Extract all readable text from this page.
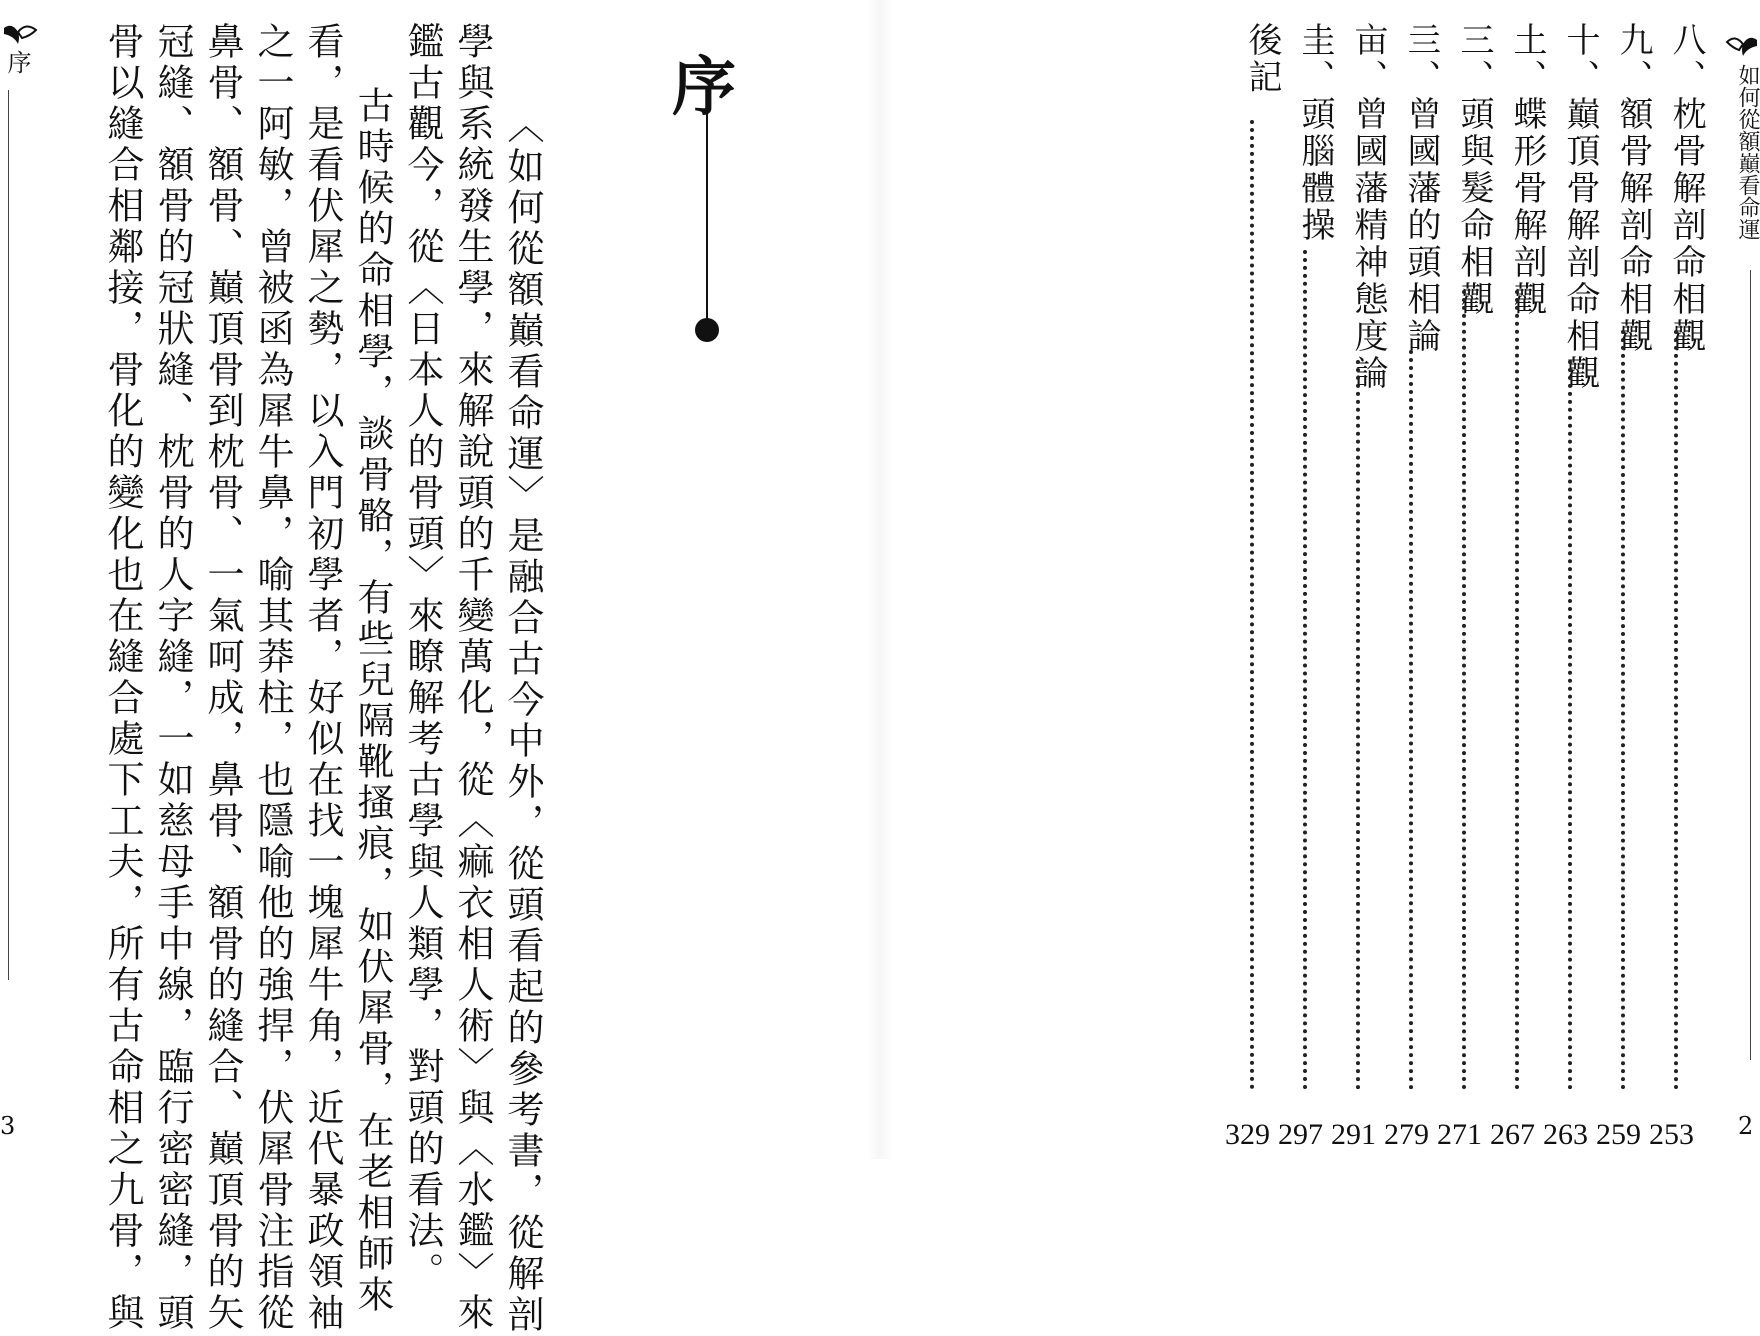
序
3	〈如何從額巔看命運〉是融合古今中外，從頭看起的參考書，從解剖
學與系統發生學，來解說頭的千變萬化，從〈痲衣相人術〉與〈水鑑〉來
鑑古觀今，從〈日本人的骨頭〉來瞭解考古學與人類學，對頭的看法。
古時候的命相學，談骨骼，有些兒隔靴搔痕，如伏犀骨，在老相師來
看，是看伏犀之勢，以入門初學者，好似在找一塊犀牛角，近代暴政領袖
之一阿敏，曾被函為犀牛鼻，喻其莽柱，也隱喻他的強捍，伏犀骨注指從
鼻骨、額骨、巔頂骨到枕骨、一氣呵成，鼻骨、額骨的縫合、巔頂骨的矢
冠縫、額骨的冠狀縫、枕骨的人字縫，一如慈母手中線，臨行密密縫，頭
骨以縫合相鄰接，骨化的變化也在縫合處下工夫，所有古命相之九骨，與	序	八、枕骨解剖命相觀
253
九、額骨解剖命相觀
259
十、巔頂骨解剖命相觀
263
土、蝶形骨解剖觀
267
三、頭與髮命相觀
271
亖、曾國藩的頭相論
279
亩、曾國藩精神態度論
291
圭、頭腦體操
297
後記
329
如何從額巔看命運
2
